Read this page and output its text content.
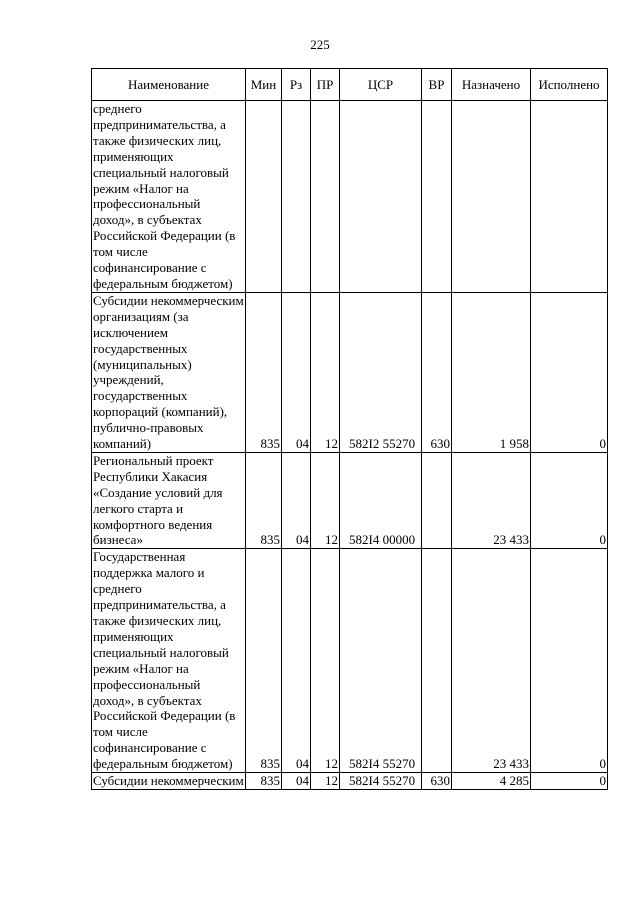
225
Наименование	Мин	Рз	ПР	ЦСР	ВР	Назначено	Исполнено
среднего предпринимательства, а также физических лиц, применяющих специальный налоговый режим «Налог на профессиональный доход», в субъектах Российской Федерации (в том числе софинансирование с федеральным бюджетом)							
Субсидии некоммерческим организациям (за исключением государственных (муниципальных) учреждений, государственных корпораций (компаний), публично-правовых компаний)	835	04	12	582I2 55270	630	1 958	0
Региональный проект Республики Хакасия «Создание условий для легкого старта и комфортного ведения бизнеса»	835	04	12	582I4 00000		23 433	0
Государственная поддержка малого и среднего предпринимательства, а также физических лиц, применяющих специальный налоговый режим «Налог на профессиональный доход», в субъектах Российской Федерации (в том числе софинансирование с федеральным бюджетом)	835	04	12	582I4 55270		23 433	0
Субсидии некоммерческим	835	04	12	582I4 55270	630	4 285	0
